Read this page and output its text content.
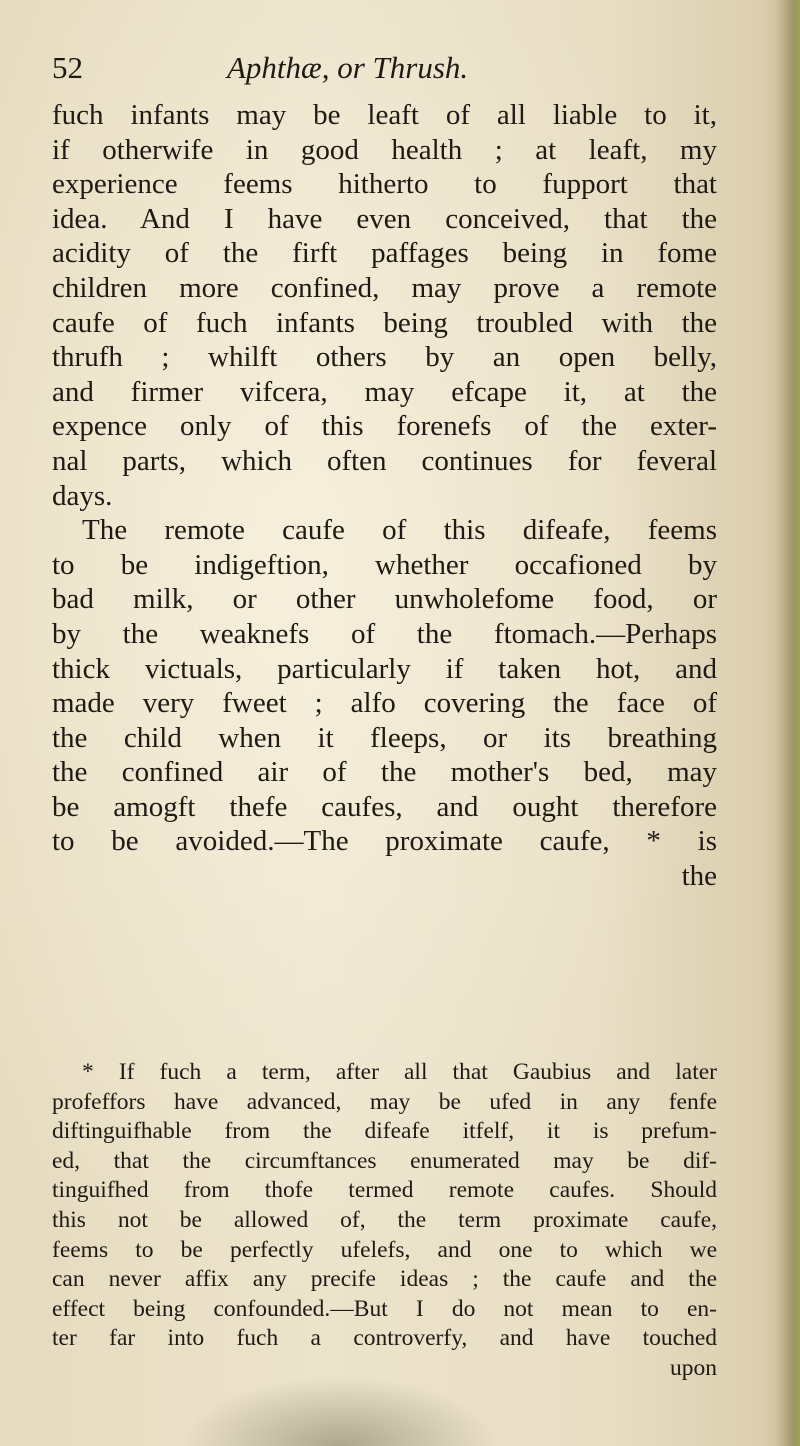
52	Aphthæ, or Thrush.
fuch infants may be leaft of all liable to it,
if otherwife in good health ; at leaft, my
experience feems hitherto to fupport that
idea. And I have even conceived, that the
acidity of the firft paffages being in fome
children more confined, may prove a remote
caufe of fuch infants being troubled with the
thrufh ; whilft others by an open belly,
and firmer vifcera, may efcape it, at the
expence only of this forenefs of the exter-
nal parts, which often continues for feveral
days.
The remote caufe of this difeafe, feems
to be indigeftion, whether occafioned by
bad milk, or other unwholefome food, or
by the weaknefs of the ftomach.—Perhaps
thick victuals, particularly if taken hot, and
made very fweet ; alfo covering the face of
the child when it fleeps, or its breathing
the confined air of the mother's bed, may
be amogft thefe caufes, and ought therefore
to be avoided.—The proximate caufe, * is
the
* If fuch a term, after all that Gaubius and later
profeffors have advanced, may be ufed in any fenfe
diftinguifhable from the difeafe itfelf, it is prefum-
ed, that the circumftances enumerated may be dif-
tinguifhed from thofe termed remote caufes. Should
this not be allowed of, the term proximate caufe,
feems to be perfectly ufelefs, and one to which we
can never affix any precife ideas ; the caufe and the
effect being confounded.—But I do not mean to en-
ter far into fuch a controverfy, and have touched
upon
